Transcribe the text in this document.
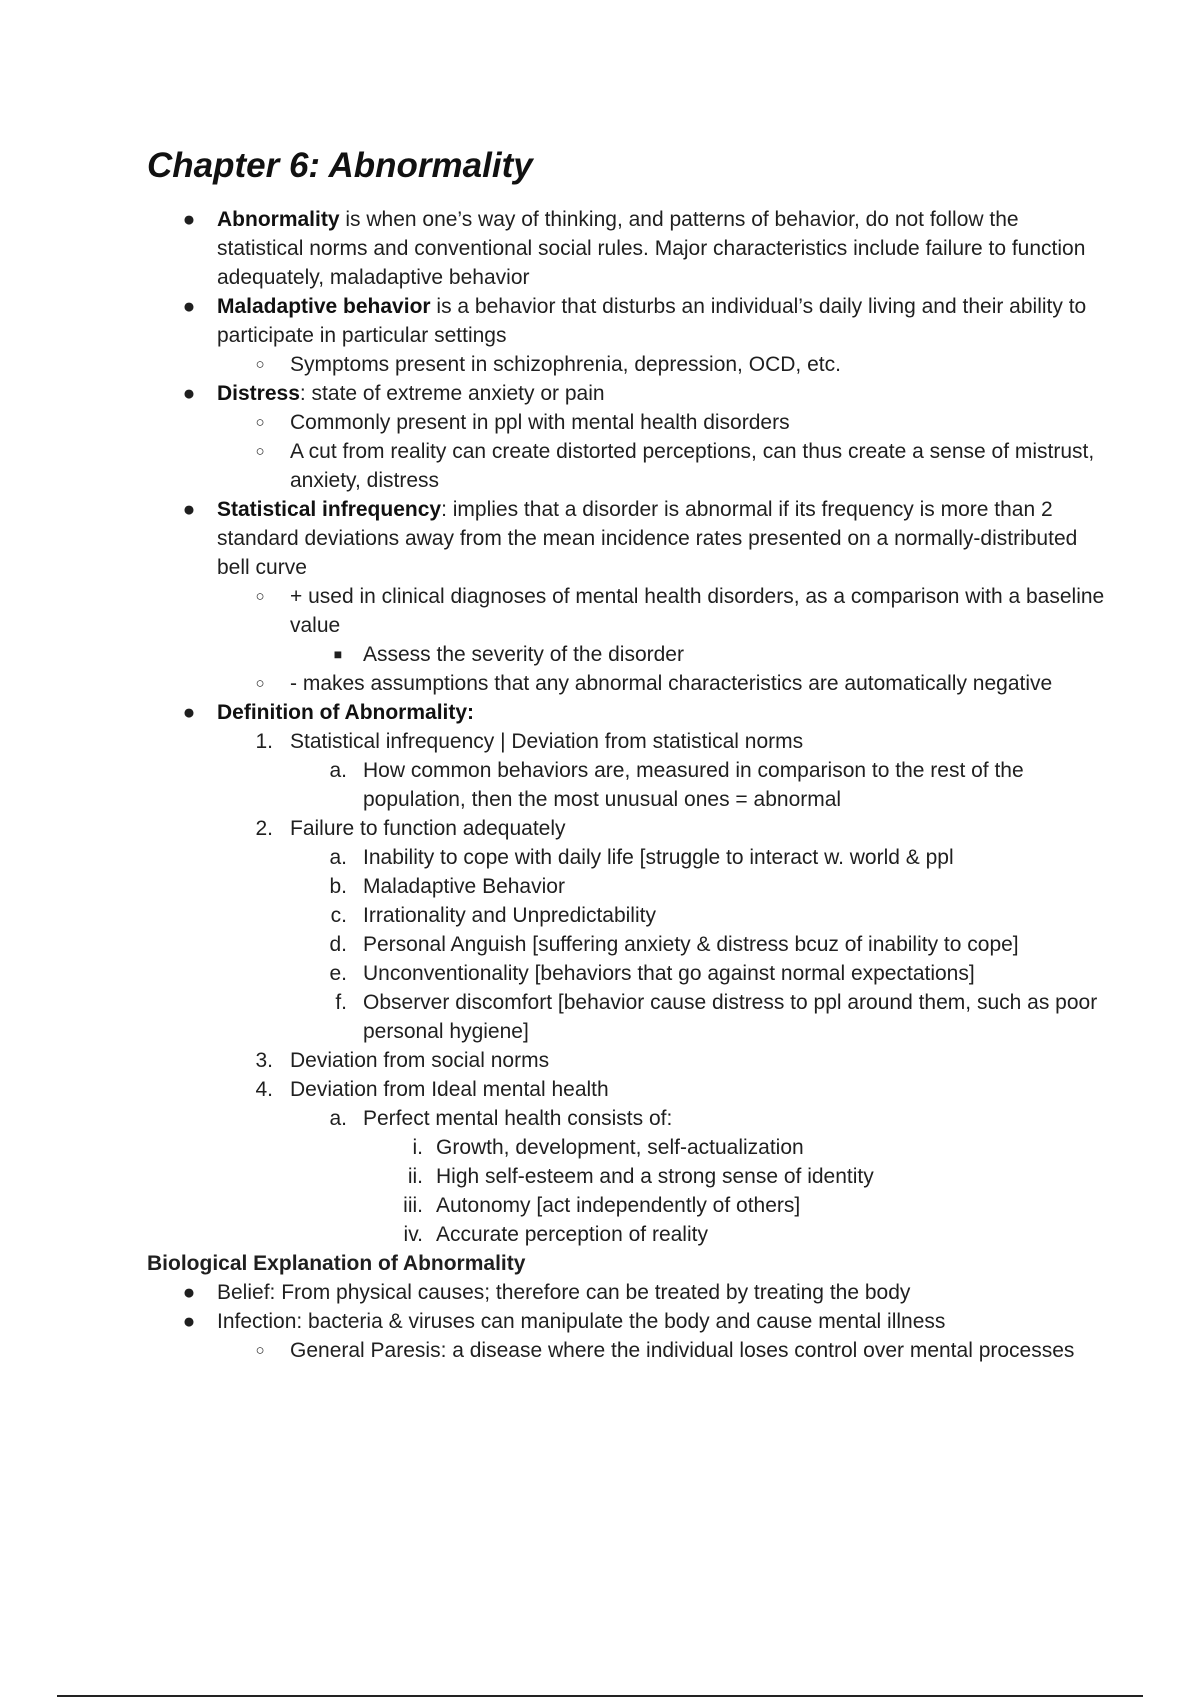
Chapter 6: Abnormality
● Abnormality is when one’s way of thinking, and patterns of behavior, do not follow the statistical norms and conventional social rules. Major characteristics include failure to function adequately, maladaptive behavior
● Maladaptive behavior is a behavior that disturbs an individual’s daily living and their ability to participate in particular settings
○ Symptoms present in schizophrenia, depression, OCD, etc.
● Distress: state of extreme anxiety or pain
○ Commonly present in ppl with mental health disorders
○ A cut from reality can create distorted perceptions, can thus create a sense of mistrust, anxiety, distress
● Statistical infrequency: implies that a disorder is abnormal if its frequency is more than 2 standard deviations away from the mean incidence rates presented on a normally-distributed bell curve
○ + used in clinical diagnoses of mental health disorders, as a comparison with a baseline value
■ Assess the severity of the disorder
○ - makes assumptions that any abnormal characteristics are automatically negative
● Definition of Abnormality:
1. Statistical infrequency | Deviation from statistical norms
a. How common behaviors are, measured in comparison to the rest of the population, then the most unusual ones = abnormal
2. Failure to function adequately
a. Inability to cope with daily life [struggle to interact w. world & ppl
b. Maladaptive Behavior
c. Irrationality and Unpredictability
d. Personal Anguish [suffering anxiety & distress bcuz of inability to cope]
e. Unconventionality [behaviors that go against normal expectations]
f. Observer discomfort [behavior cause distress to ppl around them, such as poor personal hygiene]
3. Deviation from social norms
4. Deviation from Ideal mental health
a. Perfect mental health consists of:
i. Growth, development, self-actualization
ii. High self-esteem and a strong sense of identity
iii. Autonomy [act independently of others]
iv. Accurate perception of reality
Biological Explanation of Abnormality
● Belief: From physical causes; therefore can be treated by treating the body
● Infection: bacteria & viruses can manipulate the body and cause mental illness
○ General Paresis: a disease where the individual loses control over mental processes
